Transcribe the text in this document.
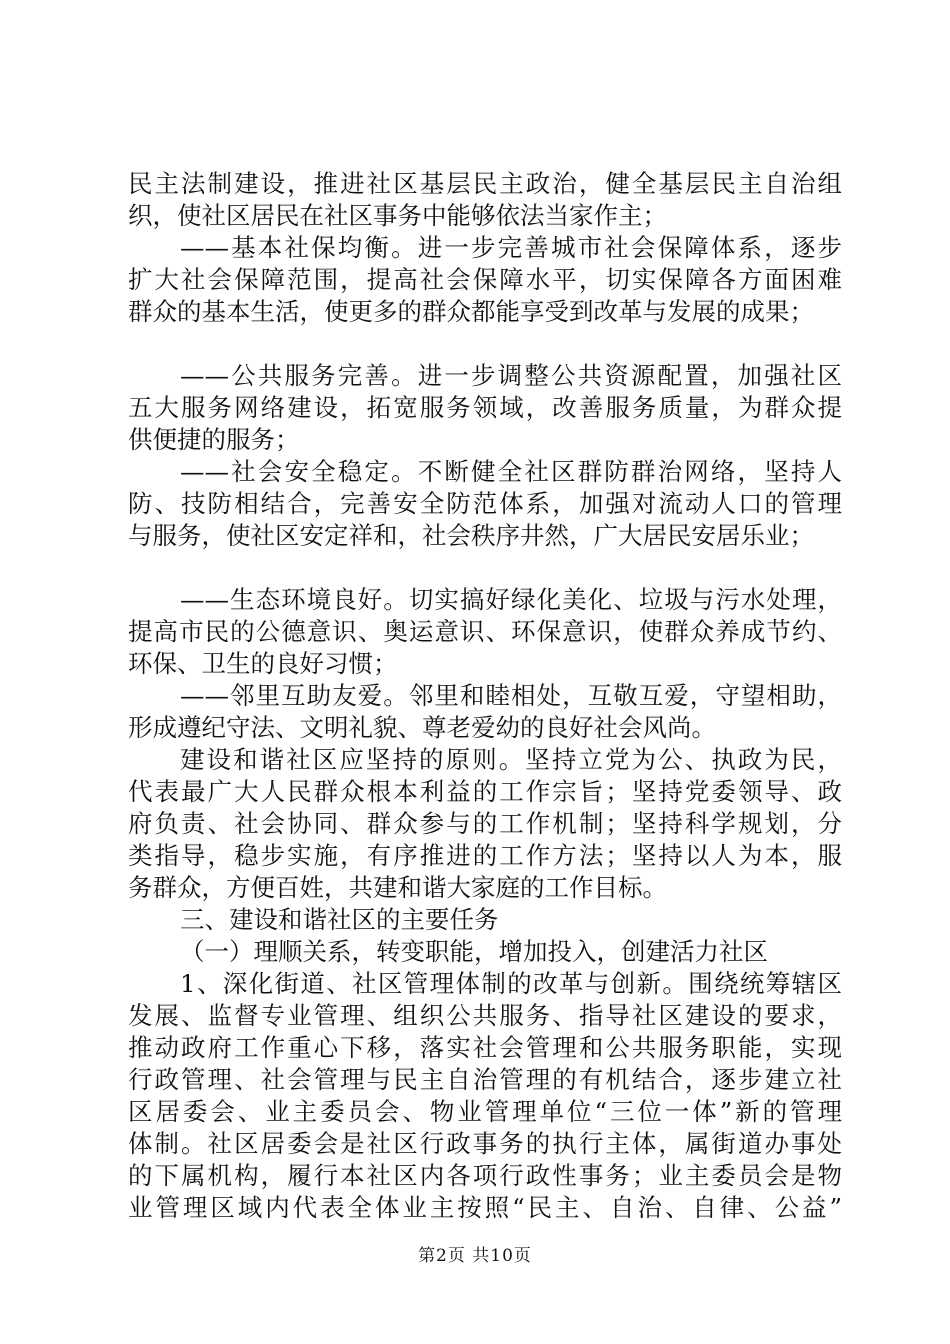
民主法制建设，推进社区基层民主政治，健全基层民主自治组
织，使社区居民在社区事务中能够依法当家作主；
——基本社保均衡。进一步完善城市社会保障体系，逐步
扩大社会保障范围，提高社会保障水平，切实保障各方面困难
群众的基本生活，使更多的群众都能享受到改革与发展的成果；
——公共服务完善。进一步调整公共资源配置，加强社区
五大服务网络建设，拓宽服务领域，改善服务质量，为群众提
供便捷的服务；
——社会安全稳定。不断健全社区群防群治网络，坚持人
防、技防相结合，完善安全防范体系，加强对流动人口的管理
与服务，使社区安定祥和，社会秩序井然，广大居民安居乐业；
——生态环境良好。切实搞好绿化美化、垃圾与污水处理，
提高市民的公德意识、奥运意识、环保意识，使群众养成节约、
环保、卫生的良好习惯；
——邻里互助友爱。邻里和睦相处，互敬互爱，守望相助，
形成遵纪守法、文明礼貌、尊老爱幼的良好社会风尚。
建设和谐社区应坚持的原则。坚持立党为公、执政为民，
代表最广大人民群众根本利益的工作宗旨；坚持党委领导、政
府负责、社会协同、群众参与的工作机制；坚持科学规划，分
类指导，稳步实施，有序推进的工作方法；坚持以人为本，服
务群众，方便百姓，共建和谐大家庭的工作目标。
三、建设和谐社区的主要任务
（一）理顺关系，转变职能，增加投入，创建活力社区
1、深化街道、社区管理体制的改革与创新。围绕统筹辖区
发展、监督专业管理、组织公共服务、指导社区建设的要求，
推动政府工作重心下移，落实社会管理和公共服务职能，实现
行政管理、社会管理与民主自治管理的有机结合，逐步建立社
区居委会、业主委员会、物业管理单位“三位一体”新的管理
体制。社区居委会是社区行政事务的执行主体，属街道办事处
的下属机构，履行本社区内各项行政性事务；业主委员会是物
业管理区域内代表全体业主按照“民主、自治、自律、公益”
第2页 共10页
